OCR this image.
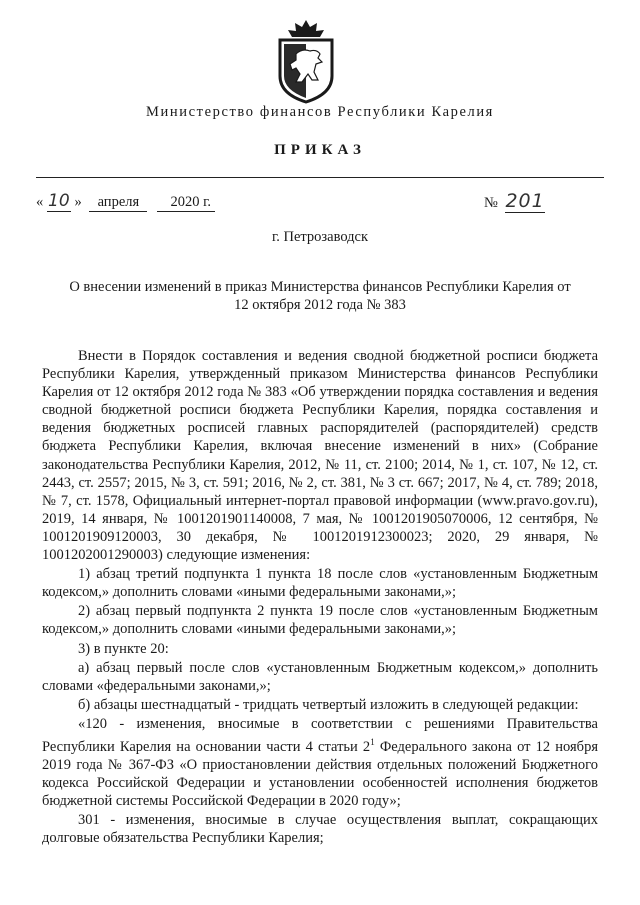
Министерство финансов Республики Карелия
ПРИКАЗ
« 10 » апреля 2020 г.	№ 201
г. Петрозаводск
О внесении изменений в приказ Министерства финансов Республики Карелия от
12 октября 2012 года № 383

Внести в Порядок составления и ведения сводной бюджетной росписи бюджета Республики Карелия, утвержденный приказом Министерства финансов Республики Карелия от 12 октября 2012 года № 383 «Об утверждении порядка составления и ведения сводной бюджетной росписи бюджета Республики Карелия, порядка составления и ведения бюджетных росписей главных распорядителей (распорядителей) средств бюджета Республики Карелия, включая внесение изменений в них» (Собрание законодательства Республики Карелия, 2012, № 11, ст. 2100; 2014, № 1, ст. 107, № 12, ст. 2443, ст. 2557; 2015, № 3, ст. 591; 2016, № 2, ст. 381, № 3 ст. 667; 2017, № 4, ст. 789; 2018, № 7, ст. 1578, Официальный интернет-портал правовой информации (www.pravo.gov.ru), 2019, 14 января, № 1001201901140008, 7 мая, № 1001201905070006, 12 сентября, № 1001201909120003, 30 декабря, № 1001201912300023; 2020, 29 января, № 1001202001290003) следующие изменения:

1) абзац третий подпункта 1 пункта 18 после слов «установленным Бюджетным кодексом,» дополнить словами «иными федеральными законами,»;

2) абзац первый подпункта 2 пункта 19 после слов «установленным Бюджетным кодексом,» дополнить словами «иными федеральными законами,»;

3) в пункте 20:

а) абзац первый после слов «установленным Бюджетным кодексом,» дополнить словами «федеральными законами,»;

б) абзацы шестнадцатый - тридцать четвертый изложить в следующей редакции:

«120 - изменения, вносимые в соответствии с решениями Правительства Республики Карелия на основании части 4 статьи $2^1$ Федерального закона от 12 ноября 2019 года № 367-ФЗ «О приостановлении действия отдельных положений Бюджетного кодекса Российской Федерации и установлении особенностей исполнения бюджетов бюджетной системы Российской Федерации в 2020 году»;

301 - изменения, вносимые в случае осуществления выплат, сокращающих долговые обязательства Республики Карелия;
